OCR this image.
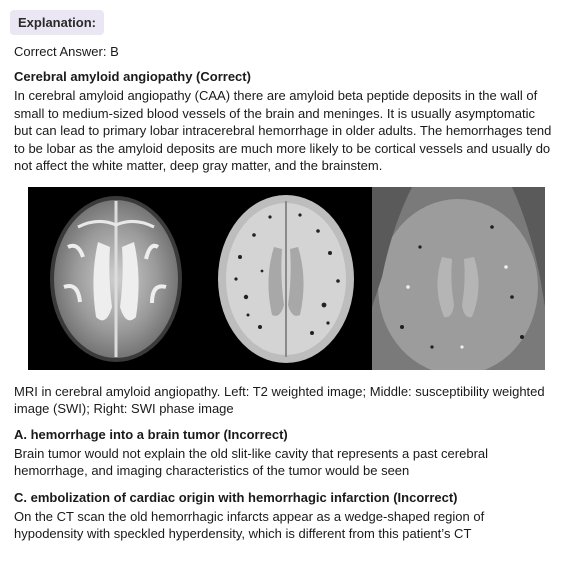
Explanation:
Correct Answer: B
Cerebral amyloid angiopathy (Correct)
In cerebral amyloid angiopathy (CAA) there are amyloid beta peptide deposits in the wall of small to medium-sized blood vessels of the brain and meninges. It is usually asymptomatic but can lead to primary lobar intracerebral hemorrhage in older adults. The hemorrhages tend to be lobar as the amyloid deposits are much more likely to be cortical vessels and usually do not affect the white matter, deep gray matter, and the brainstem.
MRI in cerebral amyloid angiopathy. Left: T2 weighted image; Middle: susceptibility weighted image (SWI); Right: SWI phase image
A. hemorrhage into a brain tumor (Incorrect)
Brain tumor would not explain the old slit-like cavity that represents a past cerebral hemorrhage, and imaging characteristics of the tumor would be seen
C. embolization of cardiac origin with hemorrhagic infarction (Incorrect)
On the CT scan the old hemorrhagic infarcts appear as a wedge-shaped region of hypodensity with speckled hyperdensity, which is different from this patient’s CT
